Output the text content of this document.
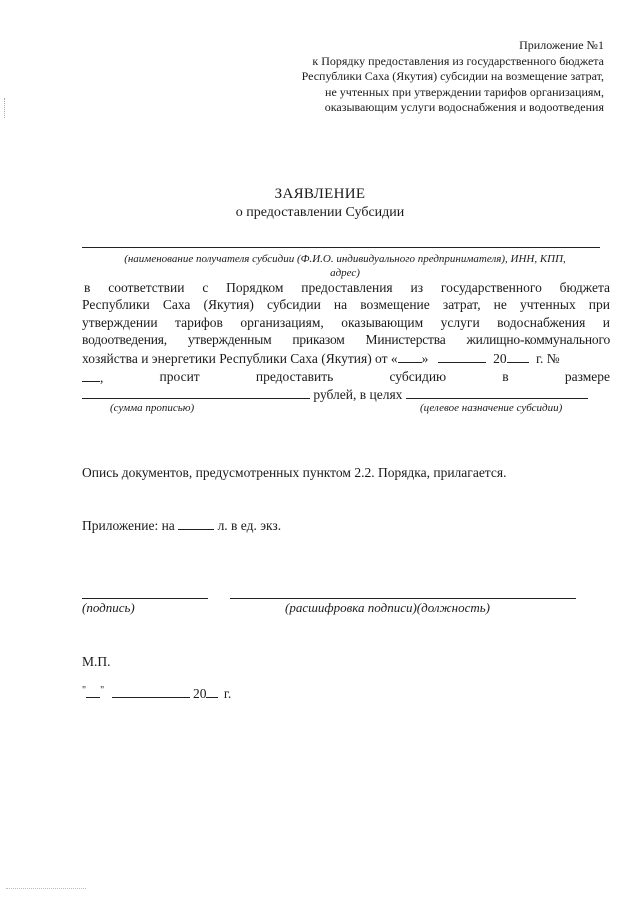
Приложение №1
к Порядку предоставления из государственного бюджета
Республики Саха (Якутия) субсидии на возмещение затрат,
не учтенных при утверждении тарифов организациям,
оказывающим услуги водоснабжения и водоотведения
ЗАЯВЛЕНИЕ
о предоставлении Субсидии
(наименование получателя субсидии (Ф.И.О. индивидуального предпринимателя), ИНН, КПП,
адрес)
в соответствии с Порядком предоставления из государственного бюджета
Республики Саха (Якутия) субсидии на возмещение затрат, не учтенных при
утверждении тарифов организациям, оказывающим услуги водоснабжения и
водоотведения, утвержденным приказом Министерства жилищно-коммунального
хозяйства и энергетики Республики Саха (Якутия) от « »	20 г. №
,	просит	предоставить	субсидию	в	размере
рублей, в целях
(сумма прописью)	(целевое назначение субсидии)
Опись документов, предусмотренных пунктом 2.2. Порядка, прилагается.
Приложение: на	л. в ед. экз.
(подпись)	(расшифровка подписи)(должность)
М.П.
" "	20 г.
